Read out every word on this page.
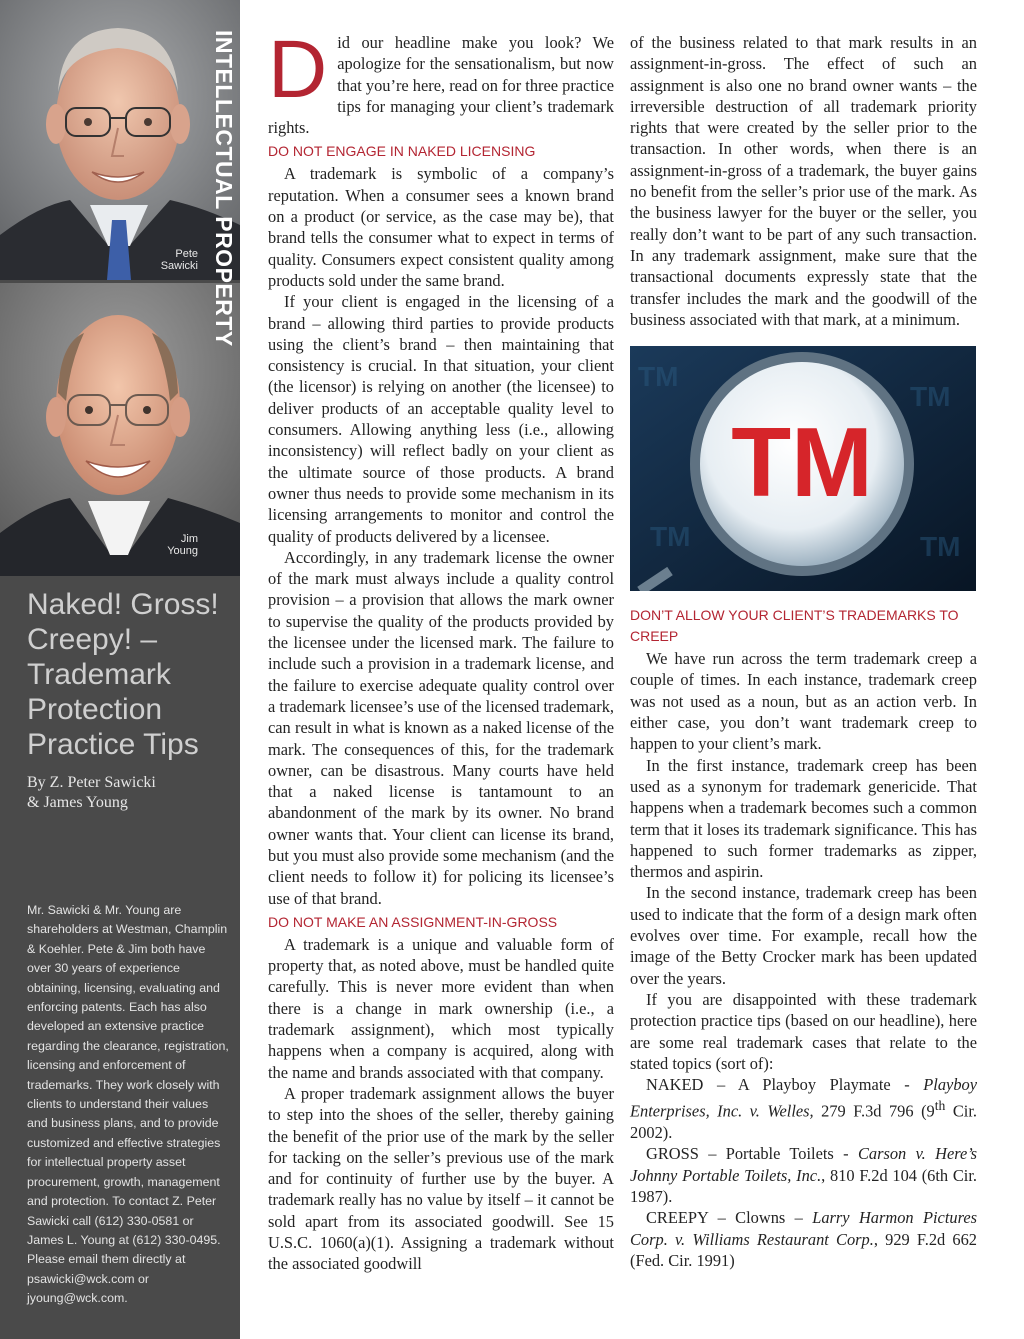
Pete
Sawicki
Jim
Young
INTELLECTUAL PROPERTY
Naked! Gross! Creepy! – Trademark Protection Practice Tips
By Z. Peter Sawicki
& James Young
Mr. Sawicki & Mr. Young are shareholders at Westman, Champlin & Koehler. Pete & Jim both have over 30 years of experience obtaining, licensing, evaluating and enforcing patents. Each has also developed an extensive practice regarding the clearance, registration, licensing and enforcement of trademarks. They work closely with clients to understand their values and business plans, and to provide customized and effective strategies for intellectual property asset procurement, growth, management and protection. To contact Z. Peter Sawicki call (612) 330-0581 or James L. Young at (612) 330-0495. Please email them directly at psawicki@wck.com or jyoung@wck.com.

Did our headline make you look? We apologize for the sensationalism, but now that you’re here, read on for three practice tips for managing your client’s trademark rights.

DO NOT ENGAGE IN NAKED LICENSING

A trademark is symbolic of a company’s reputation. When a consumer sees a known brand on a product (or service, as the case may be), that brand tells the consumer what to expect in terms of quality. Consumers expect consistent quality among products sold under the same brand.

If your client is engaged in the licensing of a brand – allowing third parties to provide products using the client’s brand – then maintaining that consistency is crucial. In that situation, your client (the licensor) is relying on another (the licensee) to deliver products of an acceptable quality level to consumers. Allowing anything less (i.e., allowing inconsistency) will reflect badly on your client as the ultimate source of those products. A brand owner thus needs to provide some mechanism in its licensing arrangements to monitor and control the quality of products delivered by a licensee.

Accordingly, in any trademark license the owner of the mark must always include a quality control provision – a provision that allows the mark owner to supervise the quality of the products provided by the licensee under the licensed mark. The failure to include such a provision in a trademark license, and the failure to exercise adequate quality control over a trademark licensee’s use of the licensed trademark, can result in what is known as a naked license of the mark. The consequences of this, for the trademark owner, can be disastrous. Many courts have held that a naked license is tantamount to an abandonment of the mark by its owner. No brand owner wants that. Your client can license its brand, but you must also provide some mechanism (and the client needs to follow it) for policing its licensee’s use of that brand.

DO NOT MAKE AN ASSIGNMENT-IN-GROSS

A trademark is a unique and valuable form of property that, as noted above, must be handled quite carefully. This is never more evident than when there is a change in mark ownership (i.e., a trademark assignment), which most typically happens when a company is acquired, along with the name and brands associated with that company.

A proper trademark assignment allows the buyer to step into the shoes of the seller, thereby gaining the benefit of the prior use of the mark by the seller for tacking on the seller’s previous use of the mark and for continuity of further use by the buyer. A trademark really has no value by itself – it cannot be sold apart from its associated goodwill. See 15 U.S.C. 1060(a)(1). Assigning a trademark without the associated goodwill

of the business related to that mark results in an assignment-in-gross. The effect of such an assignment is also one no brand owner wants – the irreversible destruction of all trademark priority rights that were created by the seller prior to the transaction. In other words, when there is an assignment-in-gross of a trademark, the buyer gains no benefit from the seller’s prior use of the mark. As the business lawyer for the buyer or the seller, you really don’t want to be part of any such transaction. In any trademark assignment, make sure that the transactional documents expressly state that the transfer includes the mark and the goodwill of the business associated with that mark, at a minimum.

TM
TM
TM	TM
TM
DON’T ALLOW YOUR CLIENT’S TRADEMARKS TO CREEP

We have run across the term trademark creep a couple of times. In each instance, trademark creep was not used as a noun, but as an action verb. In either case, you don’t want trademark creep to happen to your client’s mark.

In the first instance, trademark creep has been used as a synonym for trademark genericide. That happens when a trademark becomes such a common term that it loses its trademark significance. This has happened to such former trademarks as zipper, thermos and aspirin.

In the second instance, trademark creep has been used to indicate that the form of a design mark often evolves over time. For example, recall how the image of the Betty Crocker mark has been updated over the years.

If you are disappointed with these trademark protection practice tips (based on our headline), here are some real trademark cases that relate to the stated topics (sort of):

NAKED – A Playboy Playmate - Playboy Enterprises, Inc. v. Welles, 279 F.3d 796 (9th Cir. 2002).

GROSS – Portable Toilets - Carson v. Here’s Johnny Portable Toilets, Inc., 810 F.2d 104 (6th Cir. 1987).

CREEPY – Clowns – Larry Harmon Pictures Corp. v. Williams Restaurant Corp., 929 F.2d 662 (Fed. Cir. 1991)
